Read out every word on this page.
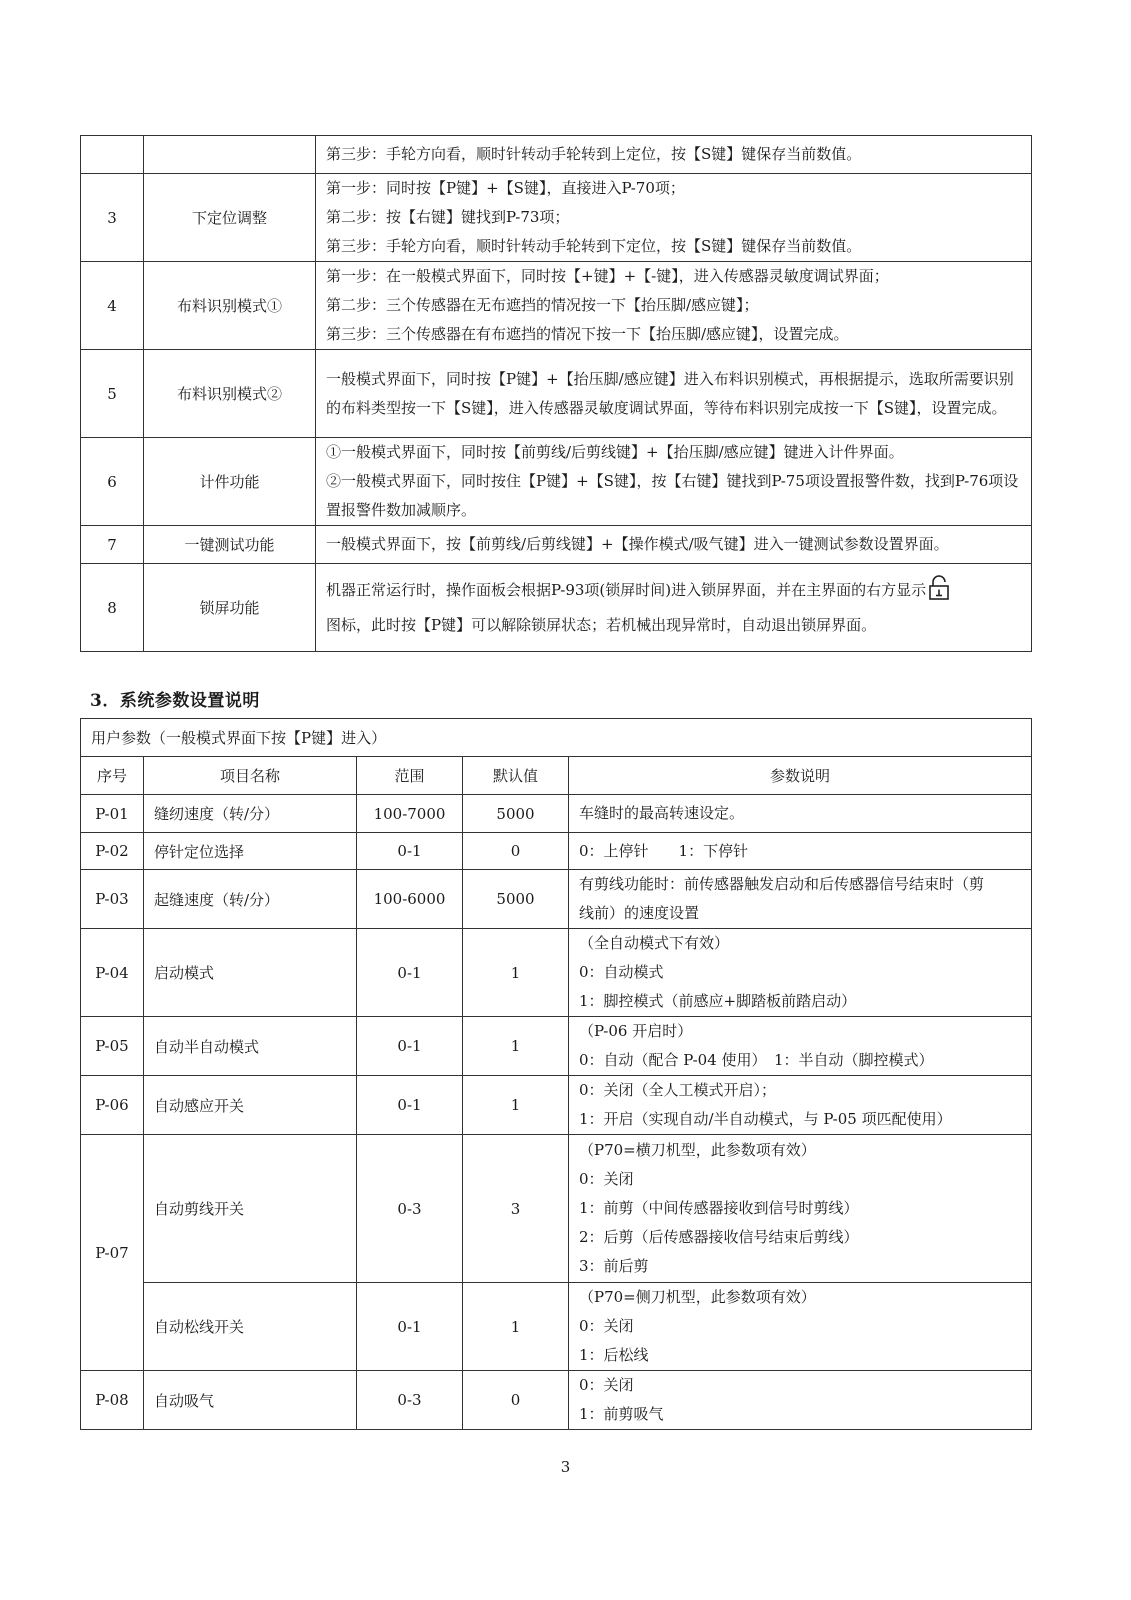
		第三步：手轮方向看，顺时针转动手轮转到上定位，按【S键】键保存当前数值。

3	下定位调整	第一步：同时按【P键】+【S键】，直接进入P-70项；
第二步：按【右键】键找到P-73项；
第三步：手轮方向看，顺时针转动手轮转到下定位，按【S键】键保存当前数值。

4	布料识别模式①	第一步：在一般模式界面下，同时按【+键】+【-键】，进入传感器灵敏度调试界面；
第二步：三个传感器在无布遮挡的情况按一下【抬压脚/感应键】；
第三步：三个传感器在有布遮挡的情况下按一下【抬压脚/感应键】，设置完成。

5	布料识别模式②	一般模式界面下，同时按【P键】+【抬压脚/感应键】进入布料识别模式，再根据提示，选取所需要识别的布料类型按一下【S键】，进入传感器灵敏度调试界面，等待布料识别完成按一下【S键】，设置完成。

6	计件功能	①一般模式界面下，同时按【前剪线/后剪线键】+【抬压脚/感应键】键进入计件界面。
②一般模式界面下，同时按住【P键】+【S键】，按【右键】键找到P-75项设置报警件数，找到P-76项设置报警件数加减顺序。

7	一键测试功能	一般模式界面下，按【前剪线/后剪线键】+【操作模式/吸气键】进入一键测试参数设置界面。

8	锁屏功能	机器正常运行时，操作面板会根据P-93项(锁屏时间)进入锁屏界面，并在主界面的右方显示
图标，此时按【P键】可以解除锁屏状态；若机械出现异常时，自动退出锁屏界面。
3．系统参数设置说明
用户参数（一般模式界面下按【P键】进入）				
序号	项目名称	范围	默认值	参数说明
P-01	缝纫速度（转/分）	100-7000	5000	车缝时的最高转速设定。

P-02	停针定位选择	0-1	0	0：上停针　　1：下停针

P-03	起缝速度（转/分）	100-6000	5000	有剪线功能时：前传感器触发启动和后传感器信号结束时（剪
线前）的速度设置

P-04	启动模式	0-1	1	（全自动模式下有效）
0：自动模式
1：脚控模式（前感应+脚踏板前踏启动）

P-05	自动半自动模式	0-1	1	（P-06 开启时）
0：自动（配合 P-04 使用）　1：半自动（脚控模式）

P-06	自动感应开关	0-1	1	0：关闭（全人工模式开启）；
1：开启（实现自动/半自动模式，与 P-05 项匹配使用）

P-07	自动剪线开关	0-3	3	（P70=横刀机型，此参数项有效）
0：关闭
1：前剪（中间传感器接收到信号时剪线）
2：后剪（后传感器接收信号结束后剪线）
3：前后剪

	自动松线开关	0-1	1	（P70=侧刀机型，此参数项有效）
0：关闭
1：后松线

P-08	自动吸气	0-3	0	0：关闭
1：前剪吸气
3
